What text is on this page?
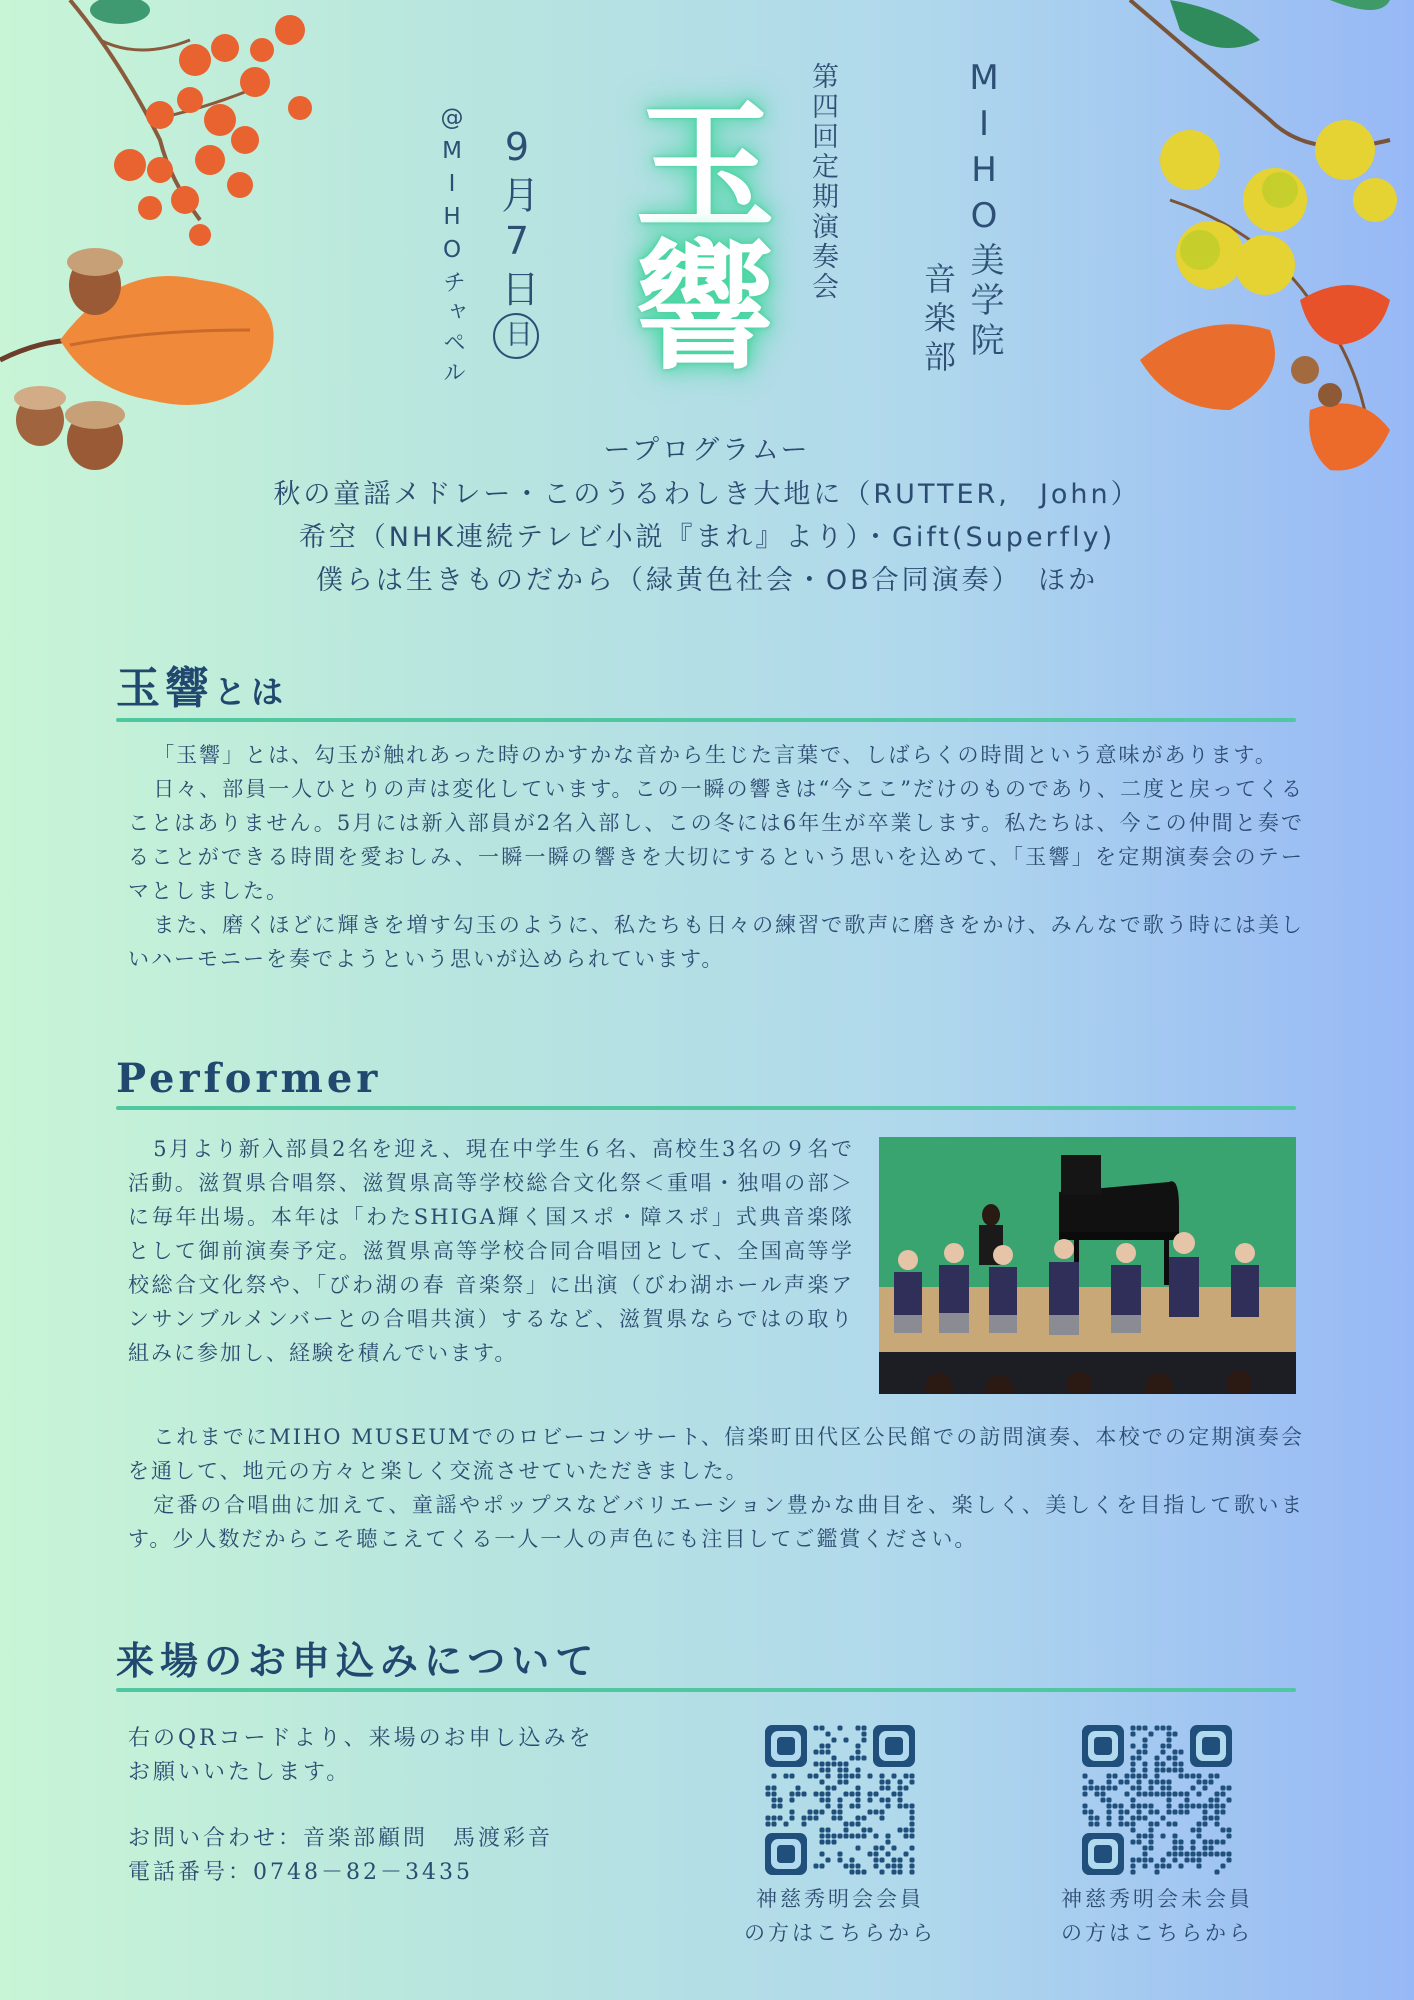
MIHO美学院
音楽部
第四回定期演奏会
玉響
9月7日日
@MIHOチャペル
ープログラムー
秋の童謡メドレー・このうるわしき大地に（RUTTER,　John）
希空（NHK連続テレビ小説『まれ』より）・Gift(Superfly)
僕らは生きものだから（緑黄色社会・OB合同演奏）　ほか
玉響とは

「玉響」とは、勾玉が触れあった時のかすかな音から生じた言葉で、しばらくの時間という意味があります。

日々、部員一人ひとりの声は変化しています。この一瞬の響きは“今ここ”だけのものであり、二度と戻ってくることはありません。5月には新入部員が2名入部し、この冬には6年生が卒業します。私たちは、今この仲間と奏でることができる時間を愛おしみ、一瞬一瞬の響きを大切にするという思いを込めて、「玉響」を定期演奏会のテーマとしました。

また、磨くほどに輝きを増す勾玉のように、私たちも日々の練習で歌声に磨きをかけ、みんなで歌う時には美しいハーモニーを奏でようという思いが込められています。

Performer

5月より新入部員2名を迎え、現在中学生６名、高校生3名の９名で活動。滋賀県合唱祭、滋賀県高等学校総合文化祭＜重唱・独唱の部＞に毎年出場。本年は「わたSHIGA輝く国スポ・障スポ」式典音楽隊として御前演奏予定。滋賀県高等学校合同合唱団として、全国高等学校総合文化祭や、「びわ湖の春 音楽祭」に出演（びわ湖ホール声楽アンサンブルメンバーとの合唱共演）するなど、滋賀県ならではの取り組みに参加し、経験を積んでいます。

これまでにMIHO MUSEUMでのロビーコンサート、信楽町田代区公民館での訪問演奏、本校での定期演奏会を通して、地元の方々と楽しく交流させていただきました。

定番の合唱曲に加えて、童謡やポップスなどバリエーション豊かな曲目を、楽しく、美しくを目指して歌います。少人数だからこそ聴こえてくる一人一人の声色にも注目してご鑑賞ください。

来場のお申込みについて
右のQRコードより、来場のお申し込みを
お願いいたします。
お問い合わせ：音楽部顧問　馬渡彩音
電話番号：0748－82－3435
神慈秀明会会員
の方はこちらから
神慈秀明会未会員
の方はこちらから
